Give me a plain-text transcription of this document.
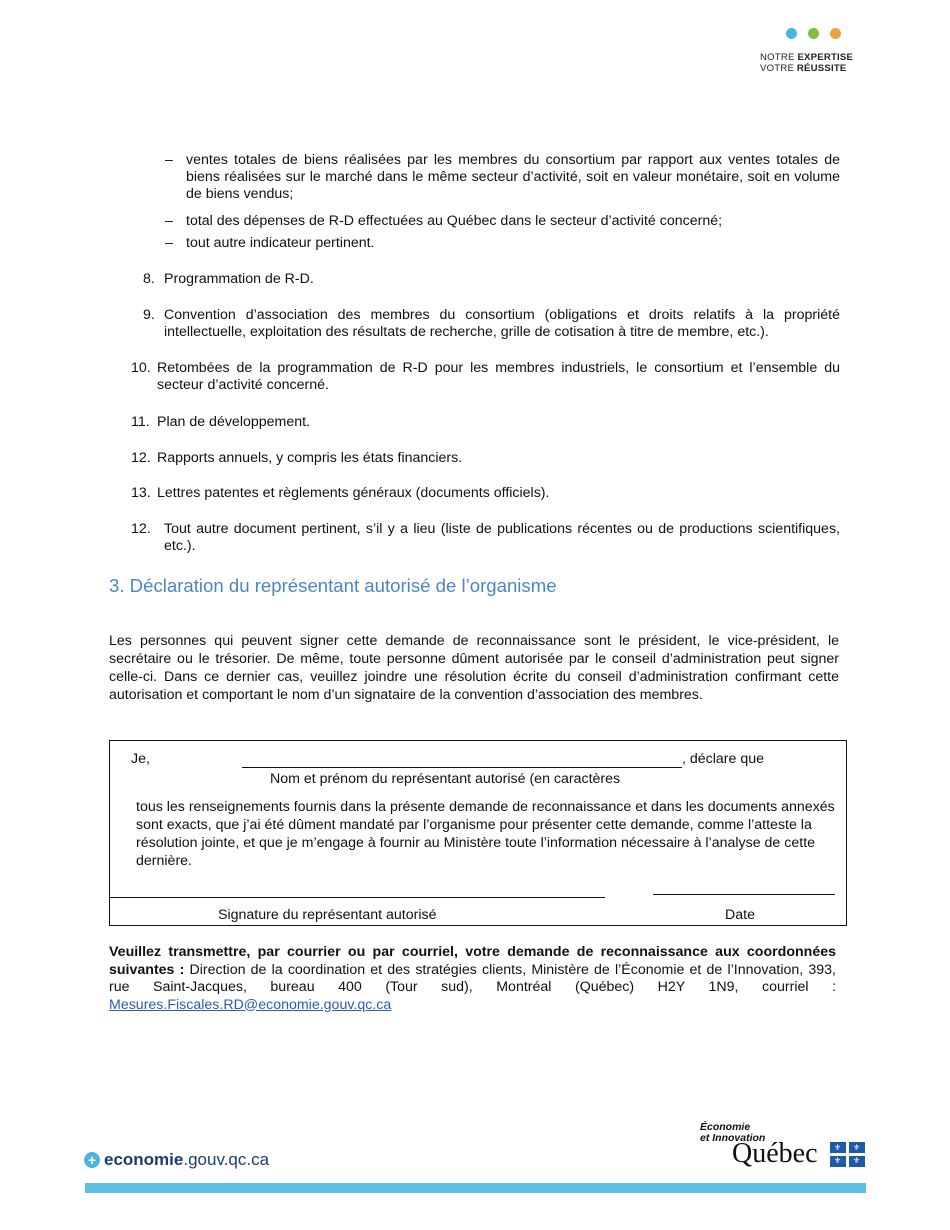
NOTRE EXPERTISE
VOTRE RÉUSSITE
– ventes totales de biens réalisées par les membres du consortium par rapport aux ventes totales de biens réalisées sur le marché dans le même secteur d’activité, soit en valeur monétaire, soit en volume de biens vendus;
– total des dépenses de R-D effectuées au Québec dans le secteur d’activité concerné;
– tout autre indicateur pertinent.
8. Programmation de R-D.
9. Convention d’association des membres du consortium (obligations et droits relatifs à la propriété intellectuelle, exploitation des résultats de recherche, grille de cotisation à titre de membre, etc.).
10. Retombées de la programmation de R-D pour les membres industriels, le consortium et l’ensemble du secteur d’activité concerné.
11. Plan de développement.
12. Rapports annuels, y compris les états financiers.
13. Lettres patentes et règlements généraux (documents officiels).
12. Tout autre document pertinent, s’il y a lieu (liste de publications récentes ou de productions scientifiques, etc.).
3. Déclaration du représentant autorisé de l’organisme
Les personnes qui peuvent signer cette demande de reconnaissance sont le président, le vice-président, le secrétaire ou le trésorier. De même, toute personne dûment autorisée par le conseil d’administration peut signer celle-ci. Dans ce dernier cas, veuillez joindre une résolution écrite du conseil d’administration confirmant cette autorisation et comportant le nom d’un signataire de la convention d’association des membres.
Je,	, déclare que
Nom et prénom du représentant autorisé (en caractères
tous les renseignements fournis dans la présente demande de reconnaissance et dans les documents annexés sont exacts, que j’ai été dûment mandaté par l’organisme pour présenter cette demande, comme l’atteste la résolution jointe, et que je m’engage à fournir au Ministère toute l’information nécessaire à l’analyse de cette dernière.
Signature du représentant autorisé	Date
Veuillez transmettre, par courrier ou par courriel, votre demande de reconnaissance aux coordonnées suivantes : Direction de la coordination et des stratégies clients, Ministère de l’Économie et de l’Innovation, 393, rue Saint-Jacques, bureau 400 (Tour sud), Montréal (Québec) H2Y 1N9, courriel : Mesures.Fiscales.RD@economie.gouv.qc.ca
+ economie .gouv.qc.ca
Économie
et Innovation
Québec ⚜ ⚜
⚜ ⚜
